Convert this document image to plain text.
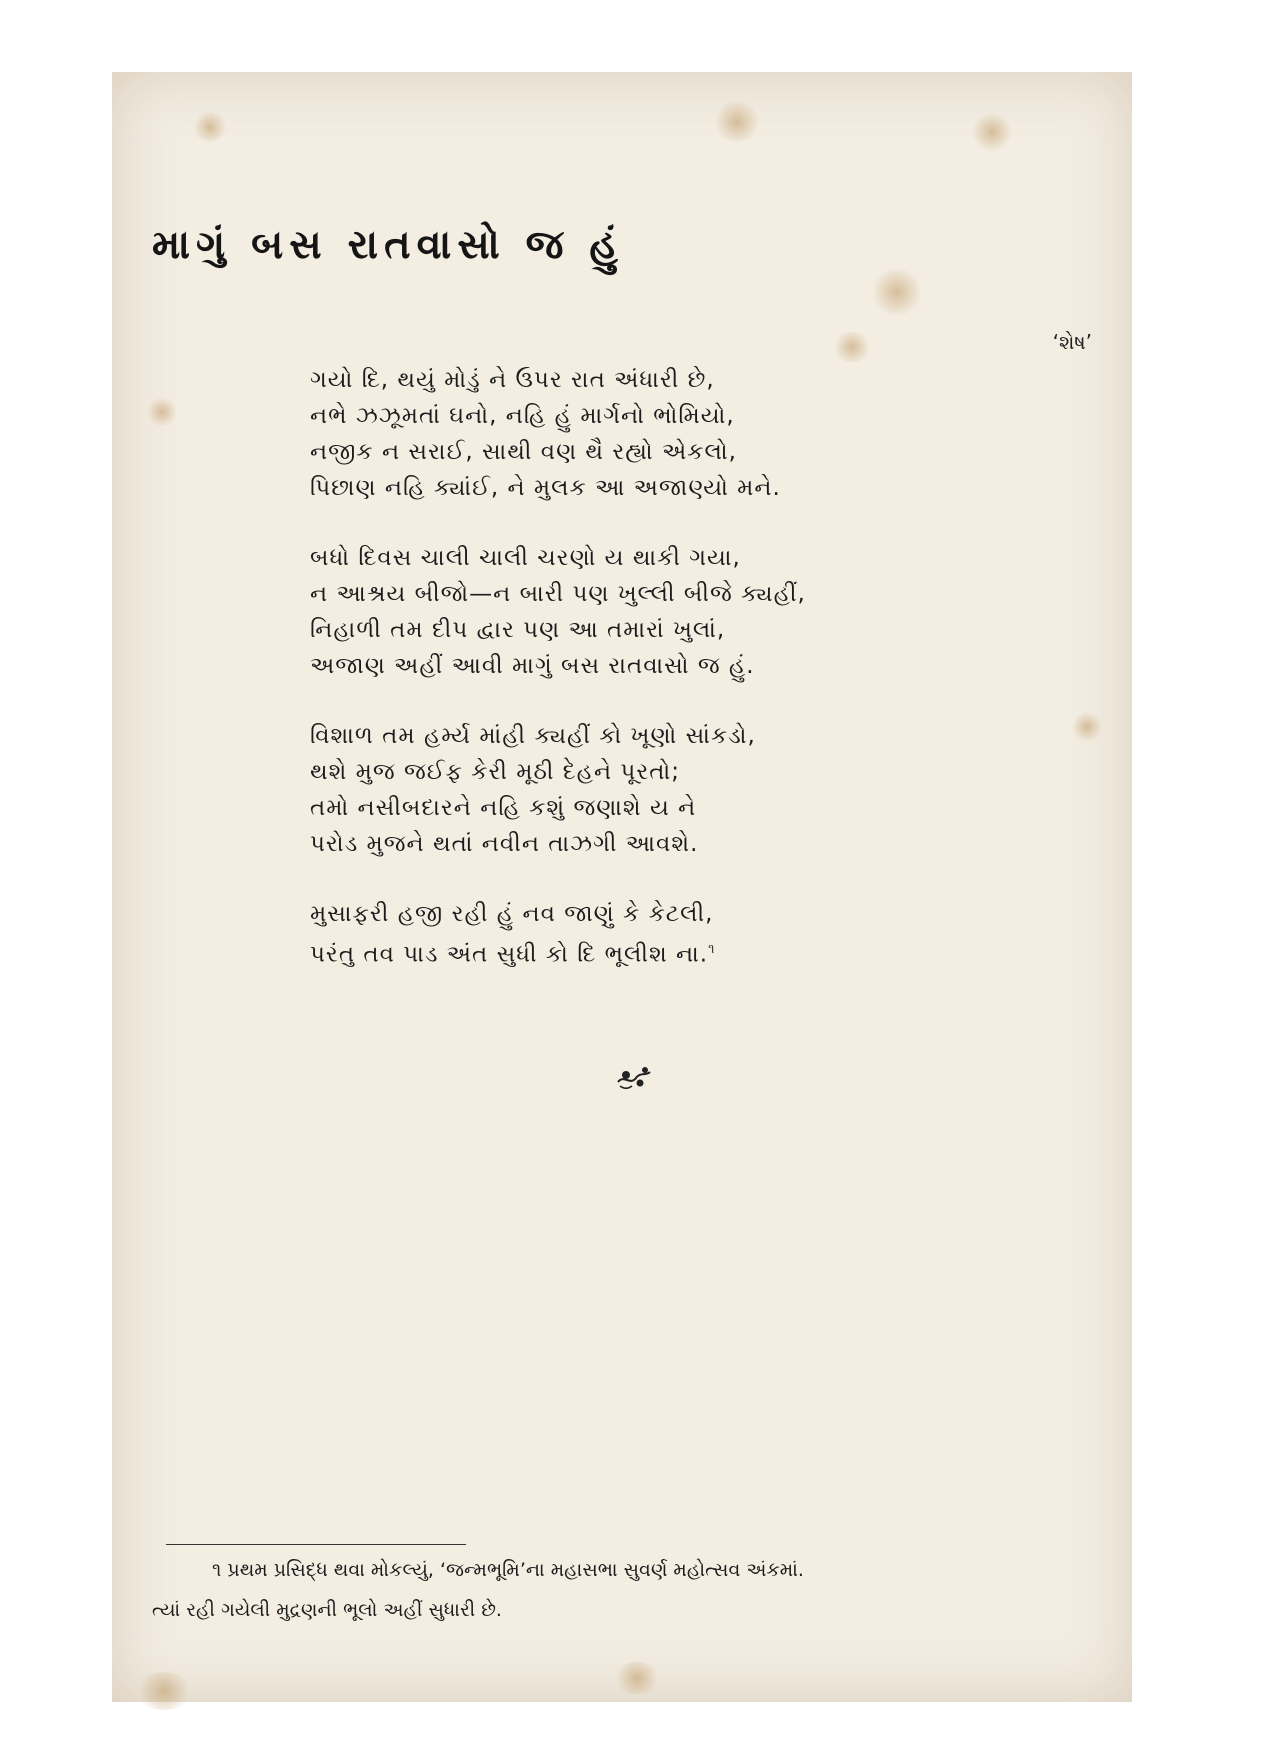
માગું બસ રાતવાસો જ હું
‘શેષ’
ગયો દિ, થયું મોડું ને ઉપર રાત અંધારી છે,
નભે ઝઝૂમતાં ઘનો, નહિ હું માર્ગનો ભોમિયો,
નજીક ન સરાઈ, સાથી વણ થૈ રહ્યો એકલો,
પિછાણ નહિ ક્યાંઈ, ને મુલક આ અજાણ્યો મને.
બધો દિવસ ચાલી ચાલી ચરણો ય થાકી ગયા,
ન આશ્રય બીજો—ન બારી પણ ખુલ્લી બીજે ક્યહીં,
નિહાળી તમ દીપ દ્વાર પણ આ તમારાં ખુલાં,
અજાણ અહીં આવી માગું બસ રાતવાસો જ હું.
વિશાળ તમ હર્મ્ય માંહી ક્યહીં કો ખૂણો સાંકડો,
થશે મુજ જઈફ કેરી મૂઠી દેહને પૂરતો;
તમો નસીબદારને નહિ કશું જણાશે ય ને
પરોડ મુજને થતાં નવીન તાઝગી આવશે.
મુસાફરી હજી રહી હું નવ જાણું કે કેટલી,
પરંતુ તવ પાડ અંત સુધી કો દિ ભૂલીશ ના.$^૧$
૧ પ્રથમ પ્રસિદ્ધ થવા મોકલ્યું, ‘જન્મભૂમિ’ના મહાસભા સુવર્ણ મહોત્સવ અંકમાં.
ત્યાં રહી ગયેલી મુદ્રણની ભૂલો અહીં સુધારી છે.
